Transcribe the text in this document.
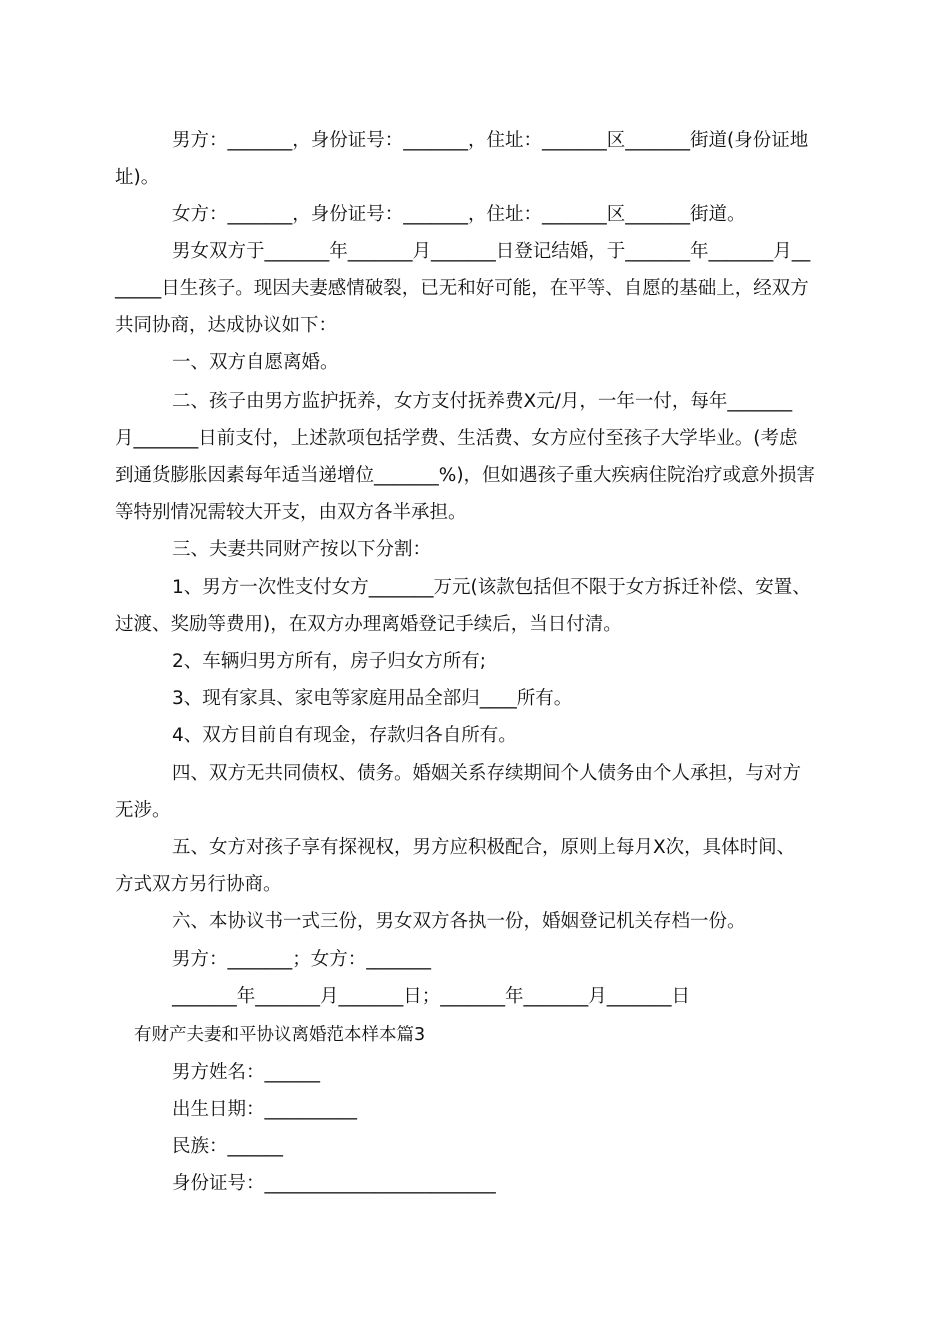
男方：_______，身份证号：_______，住址：_______区_______街道(身份证地
址)。
女方：_______，身份证号：_______，住址：_______区_______街道。
男女双方于_______年_______月_______日登记结婚，于_______年_______月__
_____日生孩子。现因夫妻感情破裂，已无和好可能，在平等、自愿的基础上，经双方
共同协商，达成协议如下：
一、双方自愿离婚。
二、孩子由男方监护抚养，女方支付抚养费X元/月，一年一付，每年_______
月_______日前支付，上述款项包括学费、生活费、女方应付至孩子大学毕业。(考虑
到通货膨胀因素每年适当递增位_______%)，但如遇孩子重大疾病住院治疗或意外损害
等特别情况需较大开支，由双方各半承担。
三、夫妻共同财产按以下分割：
1、男方一次性支付女方_______万元(该款包括但不限于女方拆迁补偿、安置、
过渡、奖励等费用)，在双方办理离婚登记手续后，当日付清。
2、车辆归男方所有，房子归女方所有;
3、现有家具、家电等家庭用品全部归____所有。
4、双方目前自有现金，存款归各自所有。
四、双方无共同债权、债务。婚姻关系存续期间个人债务由个人承担，与对方
无涉。
五、女方对孩子享有探视权，男方应积极配合，原则上每月X次，具体时间、
方式双方另行协商。
六、本协议书一式三份，男女双方各执一份，婚姻登记机关存档一份。
男方：_______；女方：_______
_______年_______月_______日；_______年_______月_______日
有财产夫妻和平协议离婚范本样本篇3
男方姓名：______
出生日期：__________
民族：______
身份证号：_________________________
